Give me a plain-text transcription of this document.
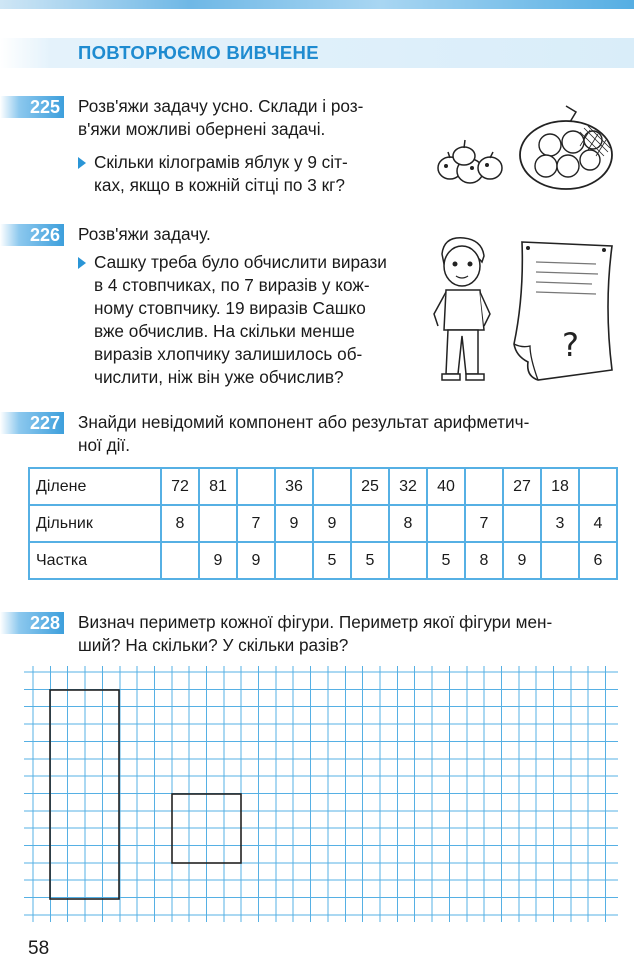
ПОВТОРЮЄМО ВИВЧЕНЕ
225 Розв'яжи задачу усно. Склади і роз-
в'яжи можливі обернені задачі.
Скільки кілограмів яблук у 9 сіт-
ках, якщо в кожній сітці по 3 кг?
226 Розв'яжи задачу.
Сашку треба було обчислити вирази
в 4 стовпчиках, по 7 виразів у кож-
ному стовпчику. 19 виразів Сашко
вже обчислив. На скільки менше
виразів хлопчику залишилось об-
числити, ніж він уже обчислив?
?
227 Знайди невідомий компонент або результат арифметич-
ної дії.
Ділене	72	81		36		25	32	40		27	18	
Дільник	8		7	9	9		8		7		3	4
Частка		9	9		5	5		5	8	9		6
228 Визнач периметр кожної фігури. Периметр якої фігури мен-
ший? На скільки? У скільки разів?
58
